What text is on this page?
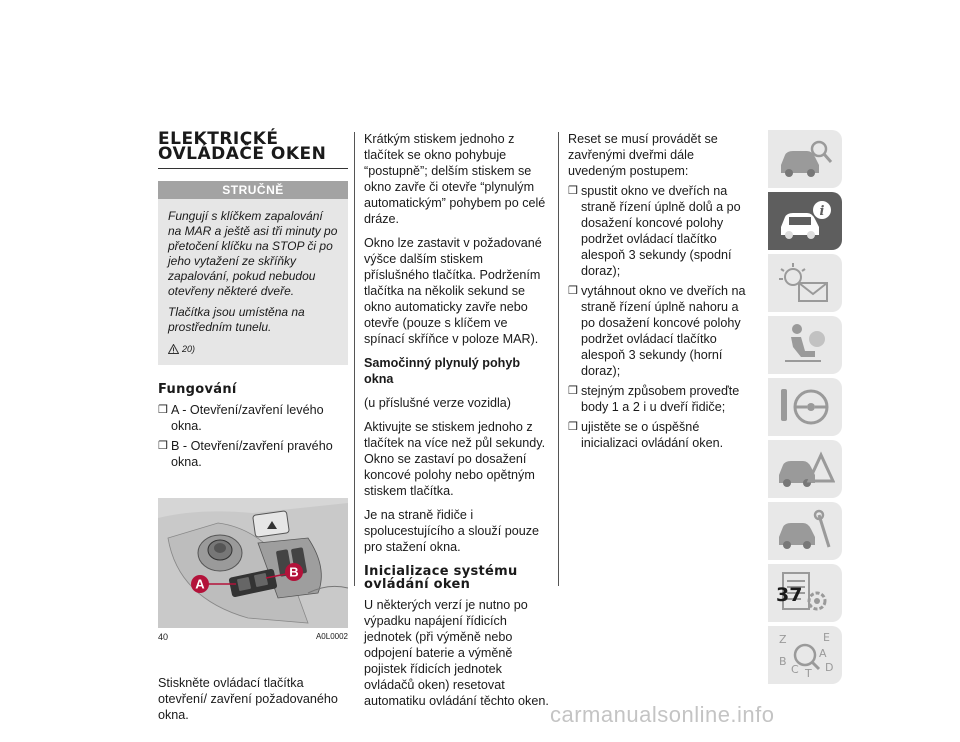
ELEKTRICKÉ
OVLÁDAČE OKEN
STRUČNĚ

Fungují s klíčkem zapalování na MAR a ještě asi tři minuty po přetočení klíčku na STOP či po jeho vytažení ze skříňky zapalování, pokud nebudou otevřeny některé dveře.

Tlačítka jsou umístěna na prostředním tunelu.

20)
Fungování
❒ A - Otevření/zavření levého okna.
❒ B - Otevření/zavření pravého okna.
A
B
40	A0L0002

Stiskněte ovládací tlačítka otevření/ zavření požadovaného okna.

Krátkým stiskem jednoho z tlačítek se okno pohybuje “postupně”; delším stiskem se okno zavře či otevře “plynulým automatickým” pohybem po celé dráze.

Okno lze zastavit v požadované výšce dalším stiskem příslušného tlačítka. Podržením tlačítka na několik sekund se okno automaticky zavře nebo otevře (pouze s klíčem ve spínací skříňce v poloze MAR).

Samočinný plynulý pohyb okna

(u příslušné verze vozidla)

Aktivujte se stiskem jednoho z tlačítek na více než půl sekundy. Okno se zastaví po dosažení koncové polohy nebo opětným stiskem tlačítka.

Je na straně řidiče i spolucestujícího a slouží pouze pro stažení okna.

Inicializace systému
ovládání oken

U některých verzí je nutno po výpadku napájení řídicích jednotek (při výměně nebo odpojení baterie a výměně pojistek řídicích jednotek ovládačů oken) resetovat automatiku ovládání těchto oken.

Reset se musí provádět se zavřenými dveřmi dále uvedeným postupem:

❒ spustit okno ve dveřích na straně řízení úplně dolů a po dosažení koncové polohy podržet ovládací tlačítko alespoň 3 sekundy (spodní doraz);
❒ vytáhnout okno ve dveřích na straně řízení úplně nahoru a po dosažení koncové polohy podržet ovládací tlačítko alespoň 3 sekundy (horní doraz);
❒ stejným způsobem proveďte body 1 a 2 i u dveří řidiče;
❒ ujistěte se o úspěšné inicializaci ovládání oken.
i
Z	E
A
B
C T D
37
carmanualsonline.info
